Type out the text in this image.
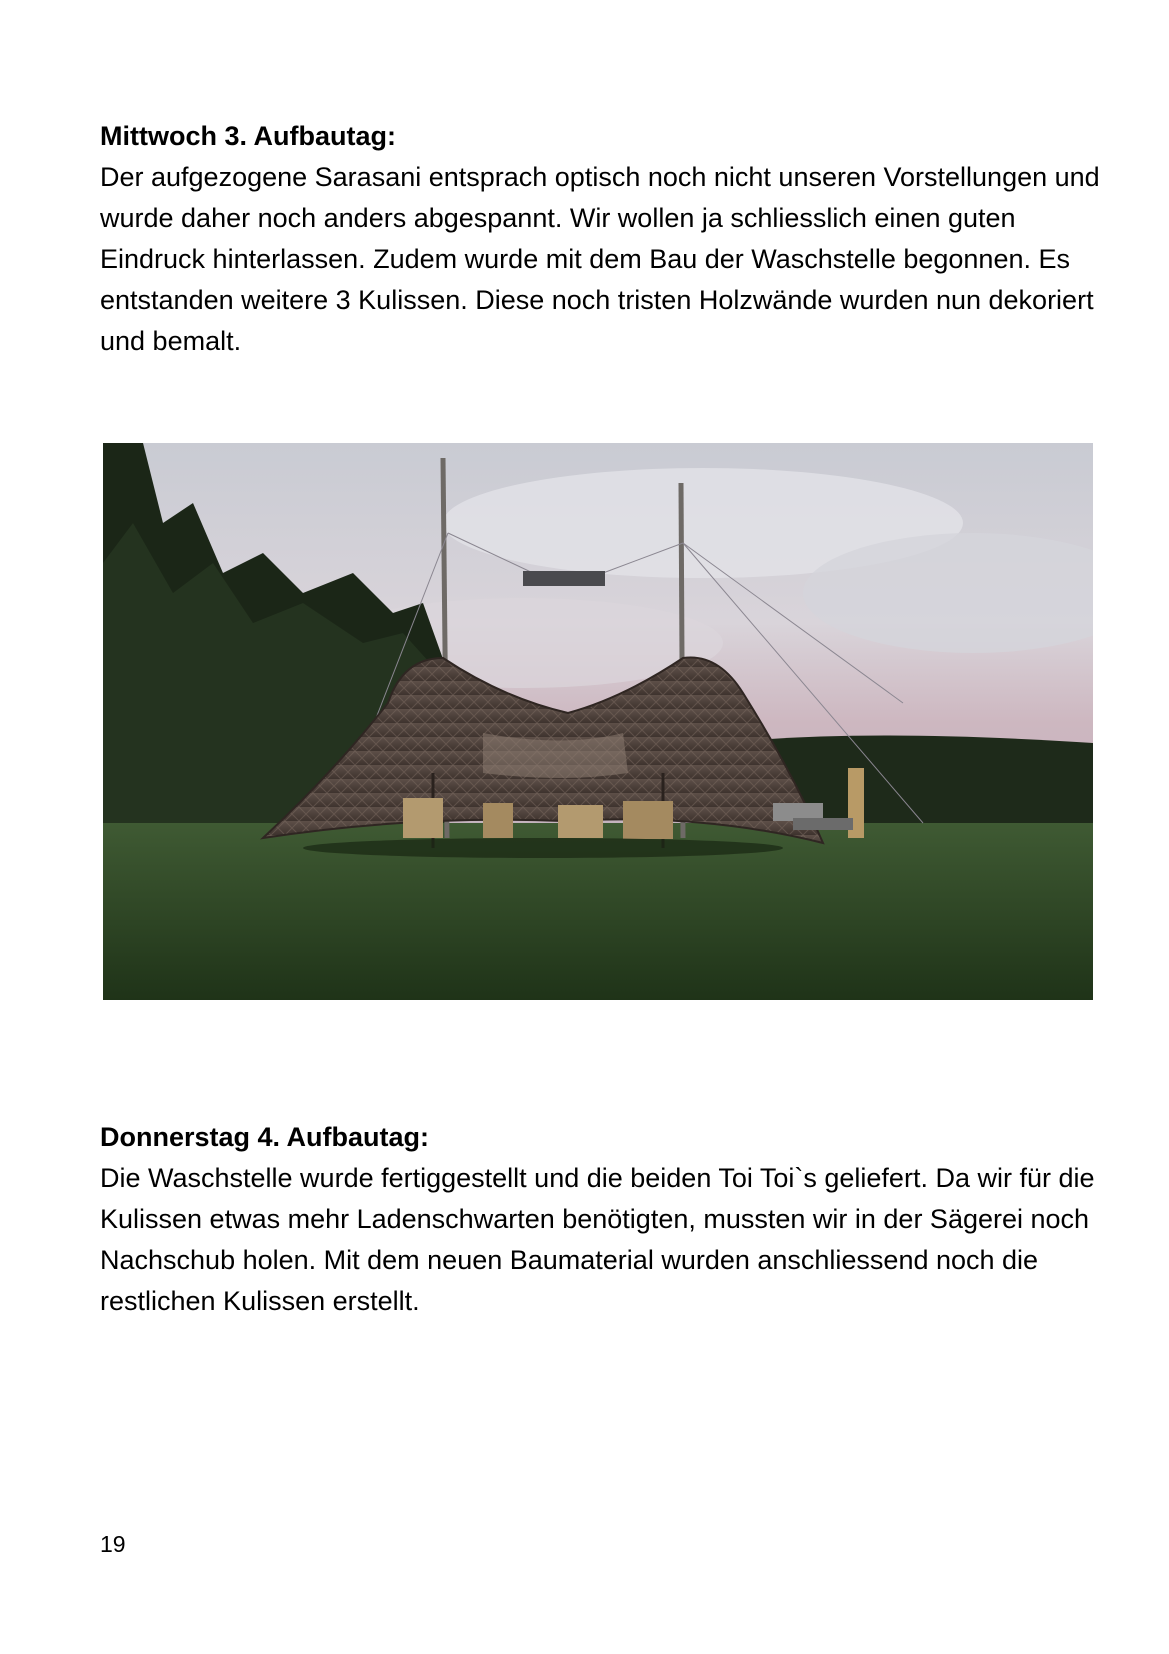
Mittwoch 3. Aufbautag:

Der aufgezogene Sarasani entsprach optisch noch nicht unseren Vorstellungen und wurde daher noch anders abgespannt. Wir wollen ja schliesslich einen guten Eindruck hinterlassen. Zudem wurde mit dem Bau der Waschstelle begonnen. Es entstanden weitere 3 Kulissen. Diese noch tristen Holzwände wurden nun dekoriert und bemalt.

Donnerstag 4. Aufbautag:

Die Waschstelle wurde fertiggestellt und die beiden Toi Toi`s geliefert. Da wir für die Kulissen etwas mehr Ladenschwarten benötigten, mussten wir in der Sägerei noch Nachschub holen. Mit dem neuen Baumaterial wurden anschliessend noch die restlichen Kulissen erstellt.

19
